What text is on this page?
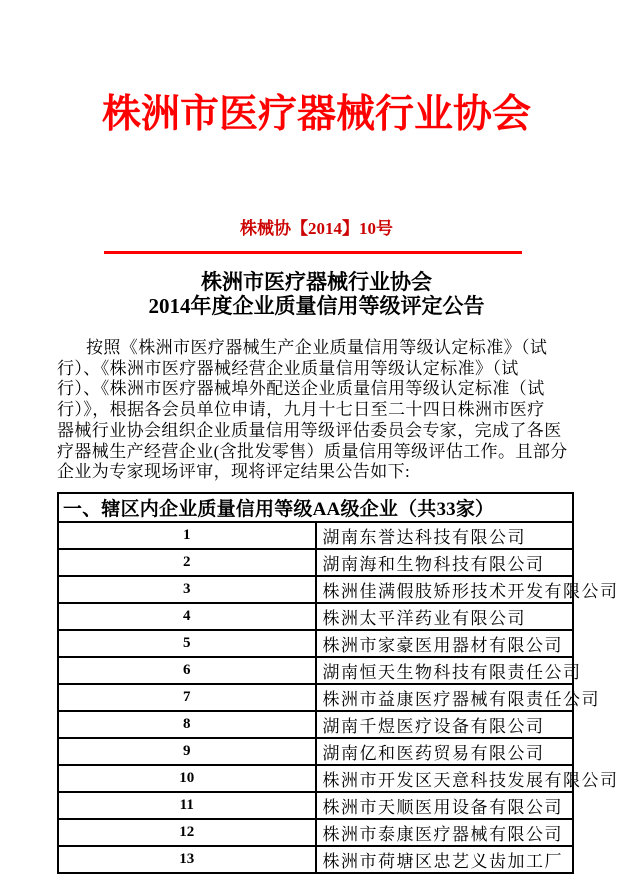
株洲市医疗器械行业协会
株械协【2014】10号
株洲市医疗器械行业协会
2014年度企业质量信用等级评定公告
按照《株洲市医疗器械生产企业质量信用等级认定标准》（试
行）、《株洲市医疗器械经营企业质量信用等级认定标准》（试
行）、《株洲市医疗器械埠外配送企业质量信用等级认定标准（试
行）》，根据各会员单位申请，九月十七日至二十四日株洲市医疗
器械行业协会组织企业质量信用等级评估委员会专家，完成了各医
疗器械生产经营企业(含批发零售）质量信用等级评估工作。且部分
企业为专家现场评审，现将评定结果公告如下:
一、辖区内企业质量信用等级AA级企业（共33家）	
1	湖南东誉达科技有限公司
2	湖南海和生物科技有限公司
3	株洲佳满假肢矫形技术开发有限公司
4	株洲太平洋药业有限公司
5	株洲市家豪医用器材有限公司
6	湖南恒天生物科技有限责任公司
7	株洲市益康医疗器械有限责任公司
8	湖南千煜医疗设备有限公司
9	湖南亿和医药贸易有限公司
10	株洲市开发区天意科技发展有限公司
11	株洲市天顺医用设备有限公司
12	株洲市泰康医疗器械有限公司
13	株洲市荷塘区忠艺义齿加工厂
